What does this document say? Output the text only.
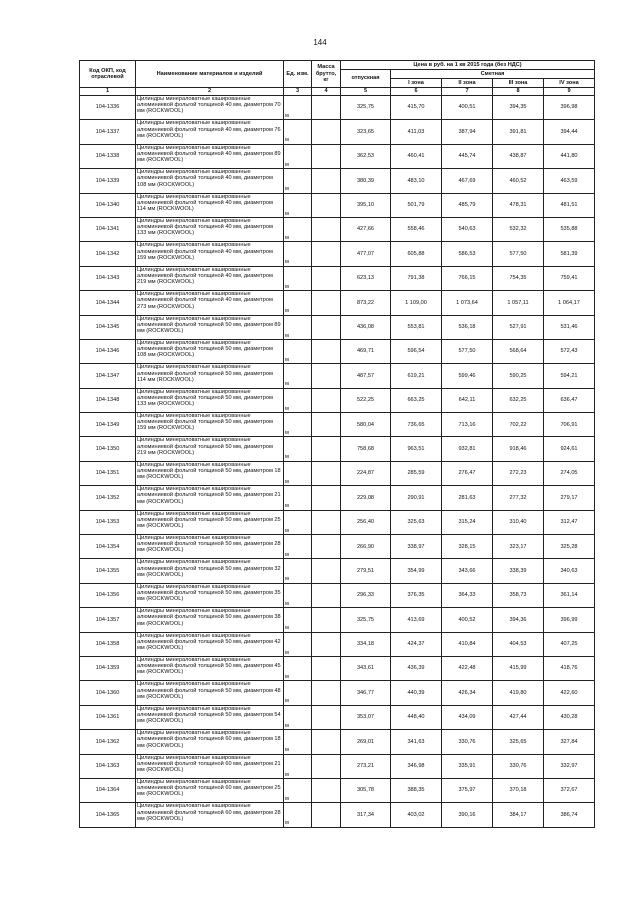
144
Код ОКП, код отраслевой	Наименование материалов и изделий	Ед. изм.	Масса брутто, кг	Цена в руб. на 1 кв 2015 года (без НДС)				
				отпускная	Сметная			
					I зона	II зона	III зона	IV зона
1	2	3	4	5	6	7	8	9
104-1336	Цилиндры минераловатные кашированные алюминиевой фольгой толщиной 40 мм, диаметром 70 мм (ROCKWOOL)	м		325,75	415,70	400,51	394,35	396,98
104-1337	Цилиндры минераловатные кашированные алюминиевой фольгой толщиной 40 мм, диаметром 76 мм (ROCKWOOL)	м		323,65	411,03	387,94	391,81	394,44
104-1338	Цилиндры минераловатные кашированные алюминиевой фольгой толщиной 40 мм, диаметром 89 мм (ROCKWOOL)	м		362,53	460,41	445,74	438,87	441,80
104-1339	Цилиндры минераловатные кашированные алюминиевой фольгой толщиной 40 мм, диаметром 108 мм (ROCKWOOL)	м		380,39	483,10	467,69	460,52	463,59
104-1340	Цилиндры минераловатные кашированные алюминиевой фольгой толщиной 40 мм, диаметром 114 мм (ROCKWOOL)	м		395,10	501,79	485,79	478,31	481,51
104-1341	Цилиндры минераловатные кашированные алюминиевой фольгой толщиной 40 мм, диаметром 133 мм (ROCKWOOL)	м		427,66	558,46	540,63	532,32	535,88
104-1342	Цилиндры минераловатные кашированные алюминиевой фольгой толщиной 40 мм, диаметром 159 мм (ROCKWOOL)	м		477,07	605,88	586,53	577,50	581,39
104-1343	Цилиндры минераловатные кашированные алюминиевой фольгой толщиной 40 мм, диаметром 219 мм (ROCKWOOL)	м		623,13	791,38	766,15	754,35	759,41
104-1344	Цилиндры минераловатные кашированные алюминиевой фольгой толщиной 40 мм, диаметром 273 мм (ROCKWOOL)	м		873,22	1 109,00	1 073,64	1 057,11	1 064,17
104-1345	Цилиндры минераловатные кашированные алюминиевой фольгой толщиной 50 мм, диаметром 89 мм (ROCKWOOL)	м		436,08	553,81	536,18	527,91	531,46
104-1346	Цилиндры минераловатные кашированные алюминиевой фольгой толщиной 50 мм, диаметром 108 мм (ROCKWOOL)	м		469,71	596,54	577,50	568,64	572,43
104-1347	Цилиндры минераловатные кашированные алюминиевой фольгой толщиной 50 мм, диаметром 114 мм (ROCKWOOL)	м		487,57	619,21	599,46	590,25	594,21
104-1348	Цилиндры минераловатные кашированные алюминиевой фольгой толщиной 50 мм, диаметром 133 мм (ROCKWOOL)	м		522,25	663,25	642,11	632,25	636,47
104-1349	Цилиндры минераловатные кашированные алюминиевой фольгой толщиной 50 мм, диаметром 159 мм (ROCKWOOL)	м		580,04	736,65	713,16	702,22	706,91
104-1350	Цилиндры минераловатные кашированные алюминиевой фольгой толщиной 50 мм, диаметром 219 мм (ROCKWOOL)	м		758,68	963,51	932,81	918,46	924,61
104-1351	Цилиндры минераловатные кашированные алюминиевой фольгой толщиной 50 мм, диаметром 18 мм (ROCKWOOL)	м		224,87	285,59	276,47	272,23	274,05
104-1352	Цилиндры минераловатные кашированные алюминиевой фольгой толщиной 50 мм, диаметром 21 мм (ROCKWOOL)	м		229,08	290,91	281,63	277,32	279,17
104-1353	Цилиндры минераловатные кашированные алюминиевой фольгой толщиной 50 мм, диаметром 25 мм (ROCKWOOL)	м		256,40	325,63	315,24	310,40	312,47
104-1354	Цилиндры минераловатные кашированные алюминиевой фольгой толщиной 50 мм, диаметром 28 мм (ROCKWOOL)	м		266,90	338,97	328,15	323,17	325,28
104-1355	Цилиндры минераловатные кашированные алюминиевой фольгой толщиной 50 мм, диаметром 32 мм (ROCKWOOL)	м		279,51	354,99	343,66	338,39	340,63
104-1356	Цилиндры минераловатные кашированные алюминиевой фольгой толщиной 50 мм, диаметром 35 мм (ROCKWOOL)	м		296,33	376,35	364,33	358,73	361,14
104-1357	Цилиндры минераловатные кашированные алюминиевой фольгой толщиной 50 мм, диаметром 38 мм (ROCKWOOL)	м		325,75	413,69	400,52	394,36	396,99
104-1358	Цилиндры минераловатные кашированные алюминиевой фольгой толщиной 50 мм, диаметром 42 мм (ROCKWOOL)	м		334,18	424,37	410,84	404,53	407,25
104-1359	Цилиндры минераловатные кашированные алюминиевой фольгой толщиной 50 мм, диаметром 45 мм (ROCKWOOL)	м		343,61	436,39	422,48	415,99	418,76
104-1360	Цилиндры минераловатные кашированные алюминиевой фольгой толщиной 50 мм, диаметром 48 мм (ROCKWOOL)	м		346,77	440,39	426,34	419,80	422,60
104-1361	Цилиндры минераловатные кашированные алюминиевой фольгой толщиной 50 мм, диаметром 54 мм (ROCKWOOL)	м		353,07	448,40	434,09	427,44	430,28
104-1362	Цилиндры минераловатные кашированные алюминиевой фольгой толщиной 60 мм, диаметром 18 мм (ROCKWOOL)	м		269,01	341,63	330,76	325,65	327,84
104-1363	Цилиндры минераловатные кашированные алюминиевой фольгой толщиной 60 мм, диаметром 21 мм (ROCKWOOL)	м		273,21	346,98	335,91	330,76	332,97
104-1364	Цилиндры минераловатные кашированные алюминиевой фольгой толщиной 60 мм, диаметром 25 мм (ROCKWOOL)	м		305,78	388,35	375,97	370,18	372,67
104-1365	Цилиндры минераловатные кашированные алюминиевой фольгой толщиной 60 мм, диаметром 28 мм (ROCKWOOL)	м		317,34	403,02	390,16	384,17	386,74
